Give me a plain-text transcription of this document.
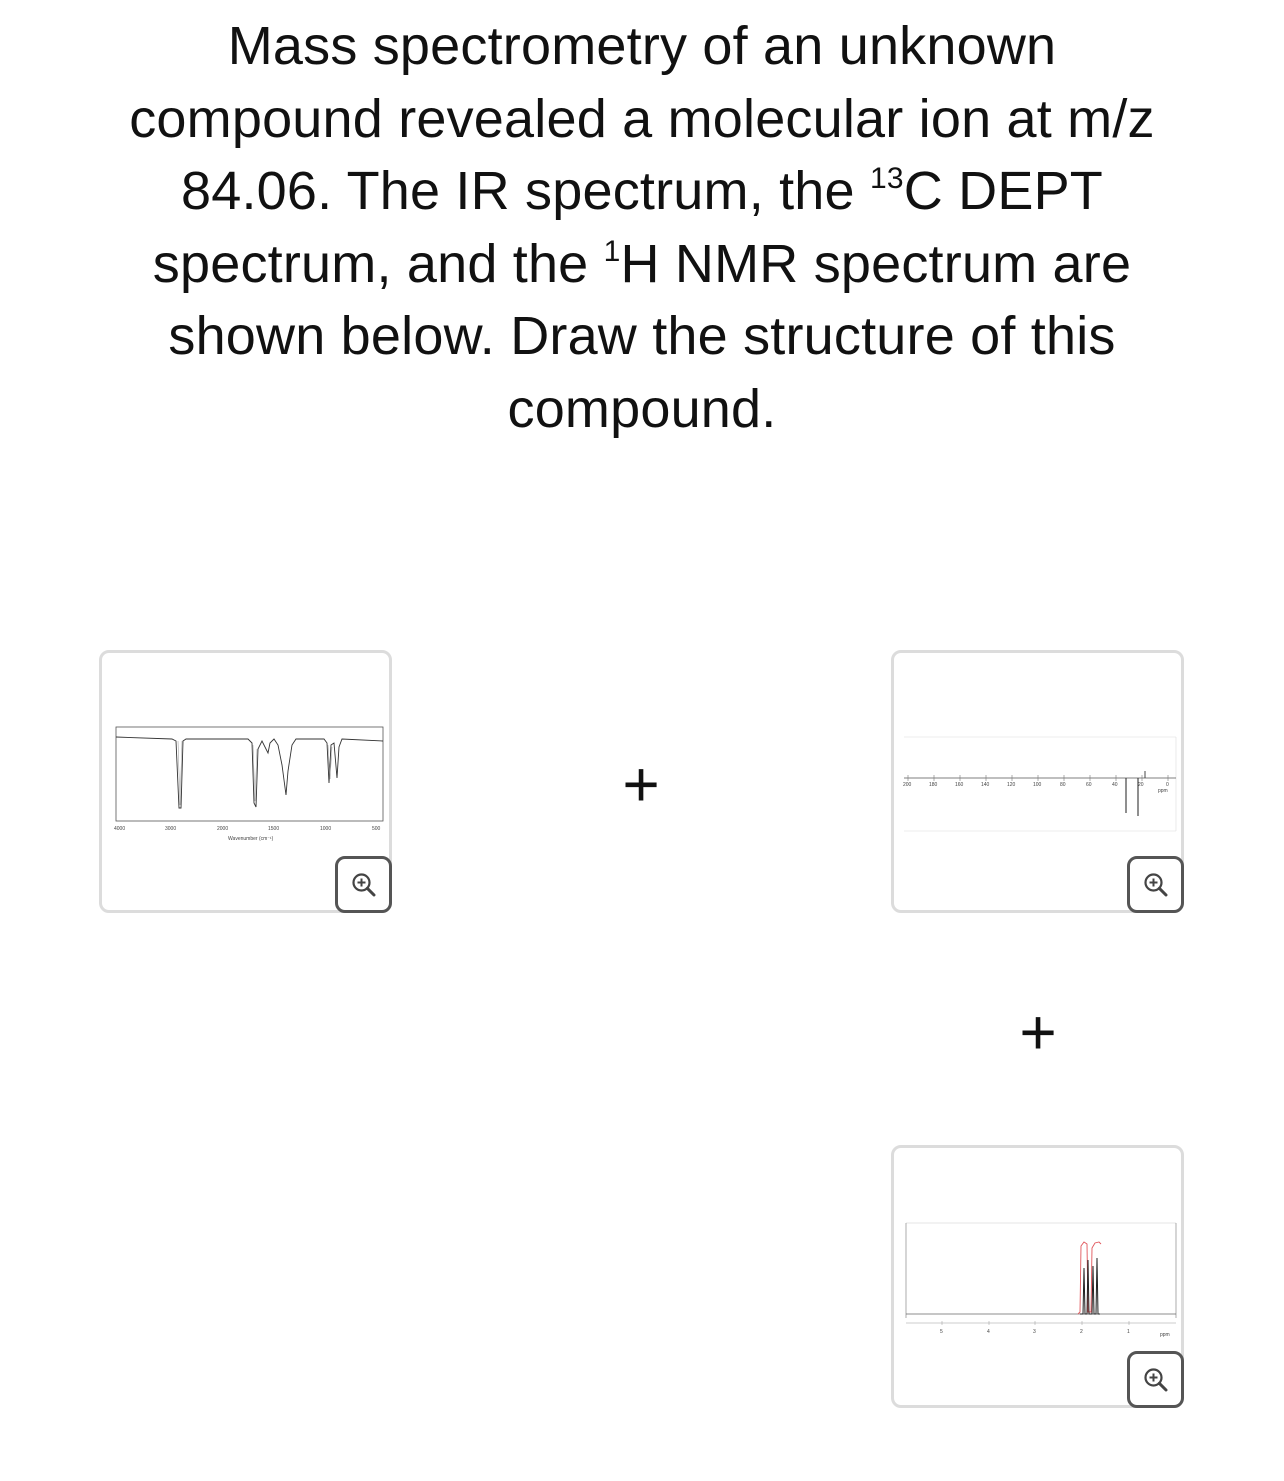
Mass spectrometry of an unknown
compound revealed a molecular ion at m/z
84.06. The IR spectrum, the $^{13}$C DEPT
spectrum, and the $^1$H NMR spectrum are
shown below. Draw the structure of this
compound.
4000	3000	2000	1500	1000	500
Wavenumber (cm⁻¹)
+	200	180	160	140	120	100	80	60	40	20	0
ppm
+
5	4	3	2	1	ppm
